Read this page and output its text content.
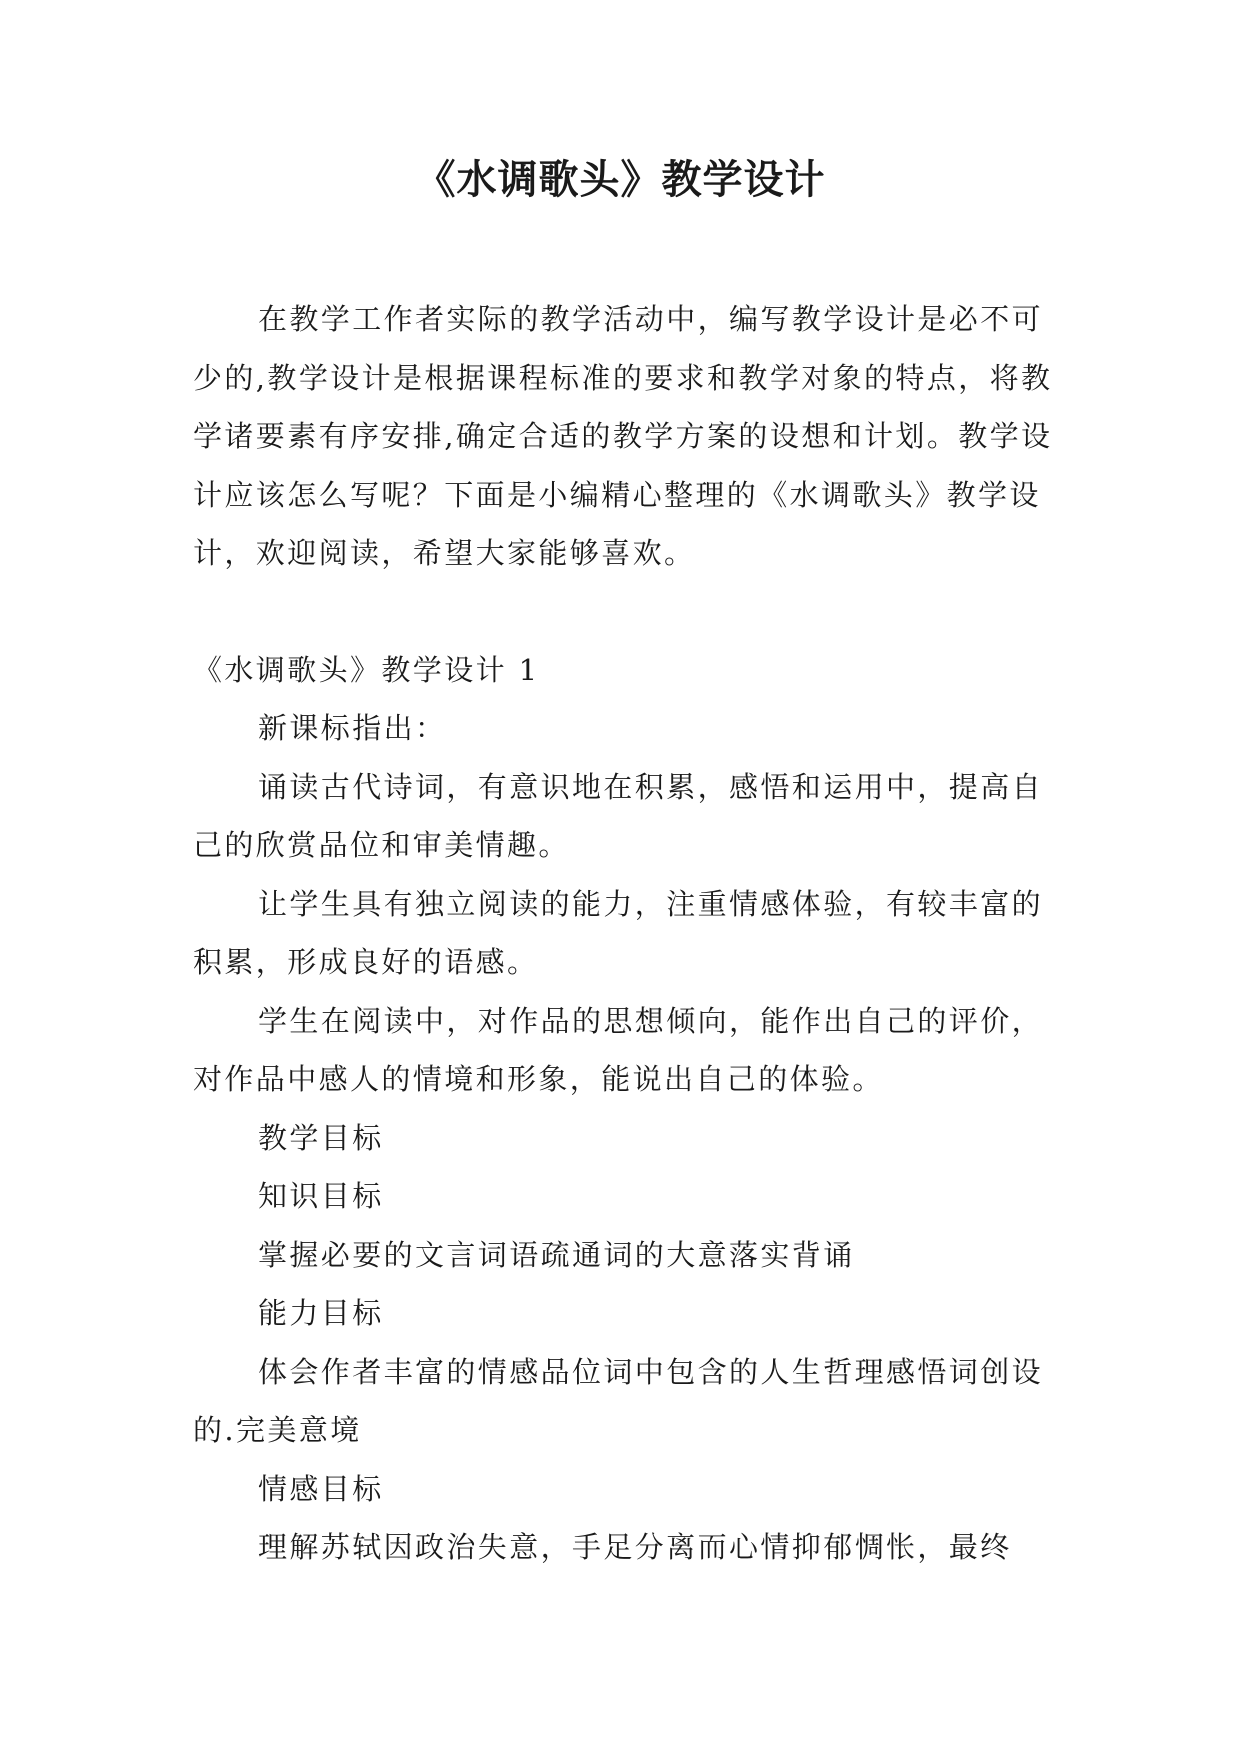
《水调歌头》教学设计

在教学工作者实际的教学活动中，编写教学设计是必不可少的,教学设计是根据课程标准的要求和教学对象的特点，将教学诸要素有序安排,确定合适的教学方案的设想和计划。教学设计应该怎么写呢？下面是小编精心整理的《水调歌头》教学设计，欢迎阅读，希望大家能够喜欢。

《水调歌头》教学设计 1

新课标指出：

诵读古代诗词，有意识地在积累，感悟和运用中，提高自己的欣赏品位和审美情趣。

让学生具有独立阅读的能力，注重情感体验，有较丰富的积累，形成良好的语感。

学生在阅读中，对作品的思想倾向，能作出自己的评价，对作品中感人的情境和形象，能说出自己的体验。

教学目标

知识目标

掌握必要的文言词语疏通词的大意落实背诵

能力目标

体会作者丰富的情感品位词中包含的人生哲理感悟词创设的.完美意境

情感目标

理解苏轼因政治失意，手足分离而心情抑郁惆怅，最终
